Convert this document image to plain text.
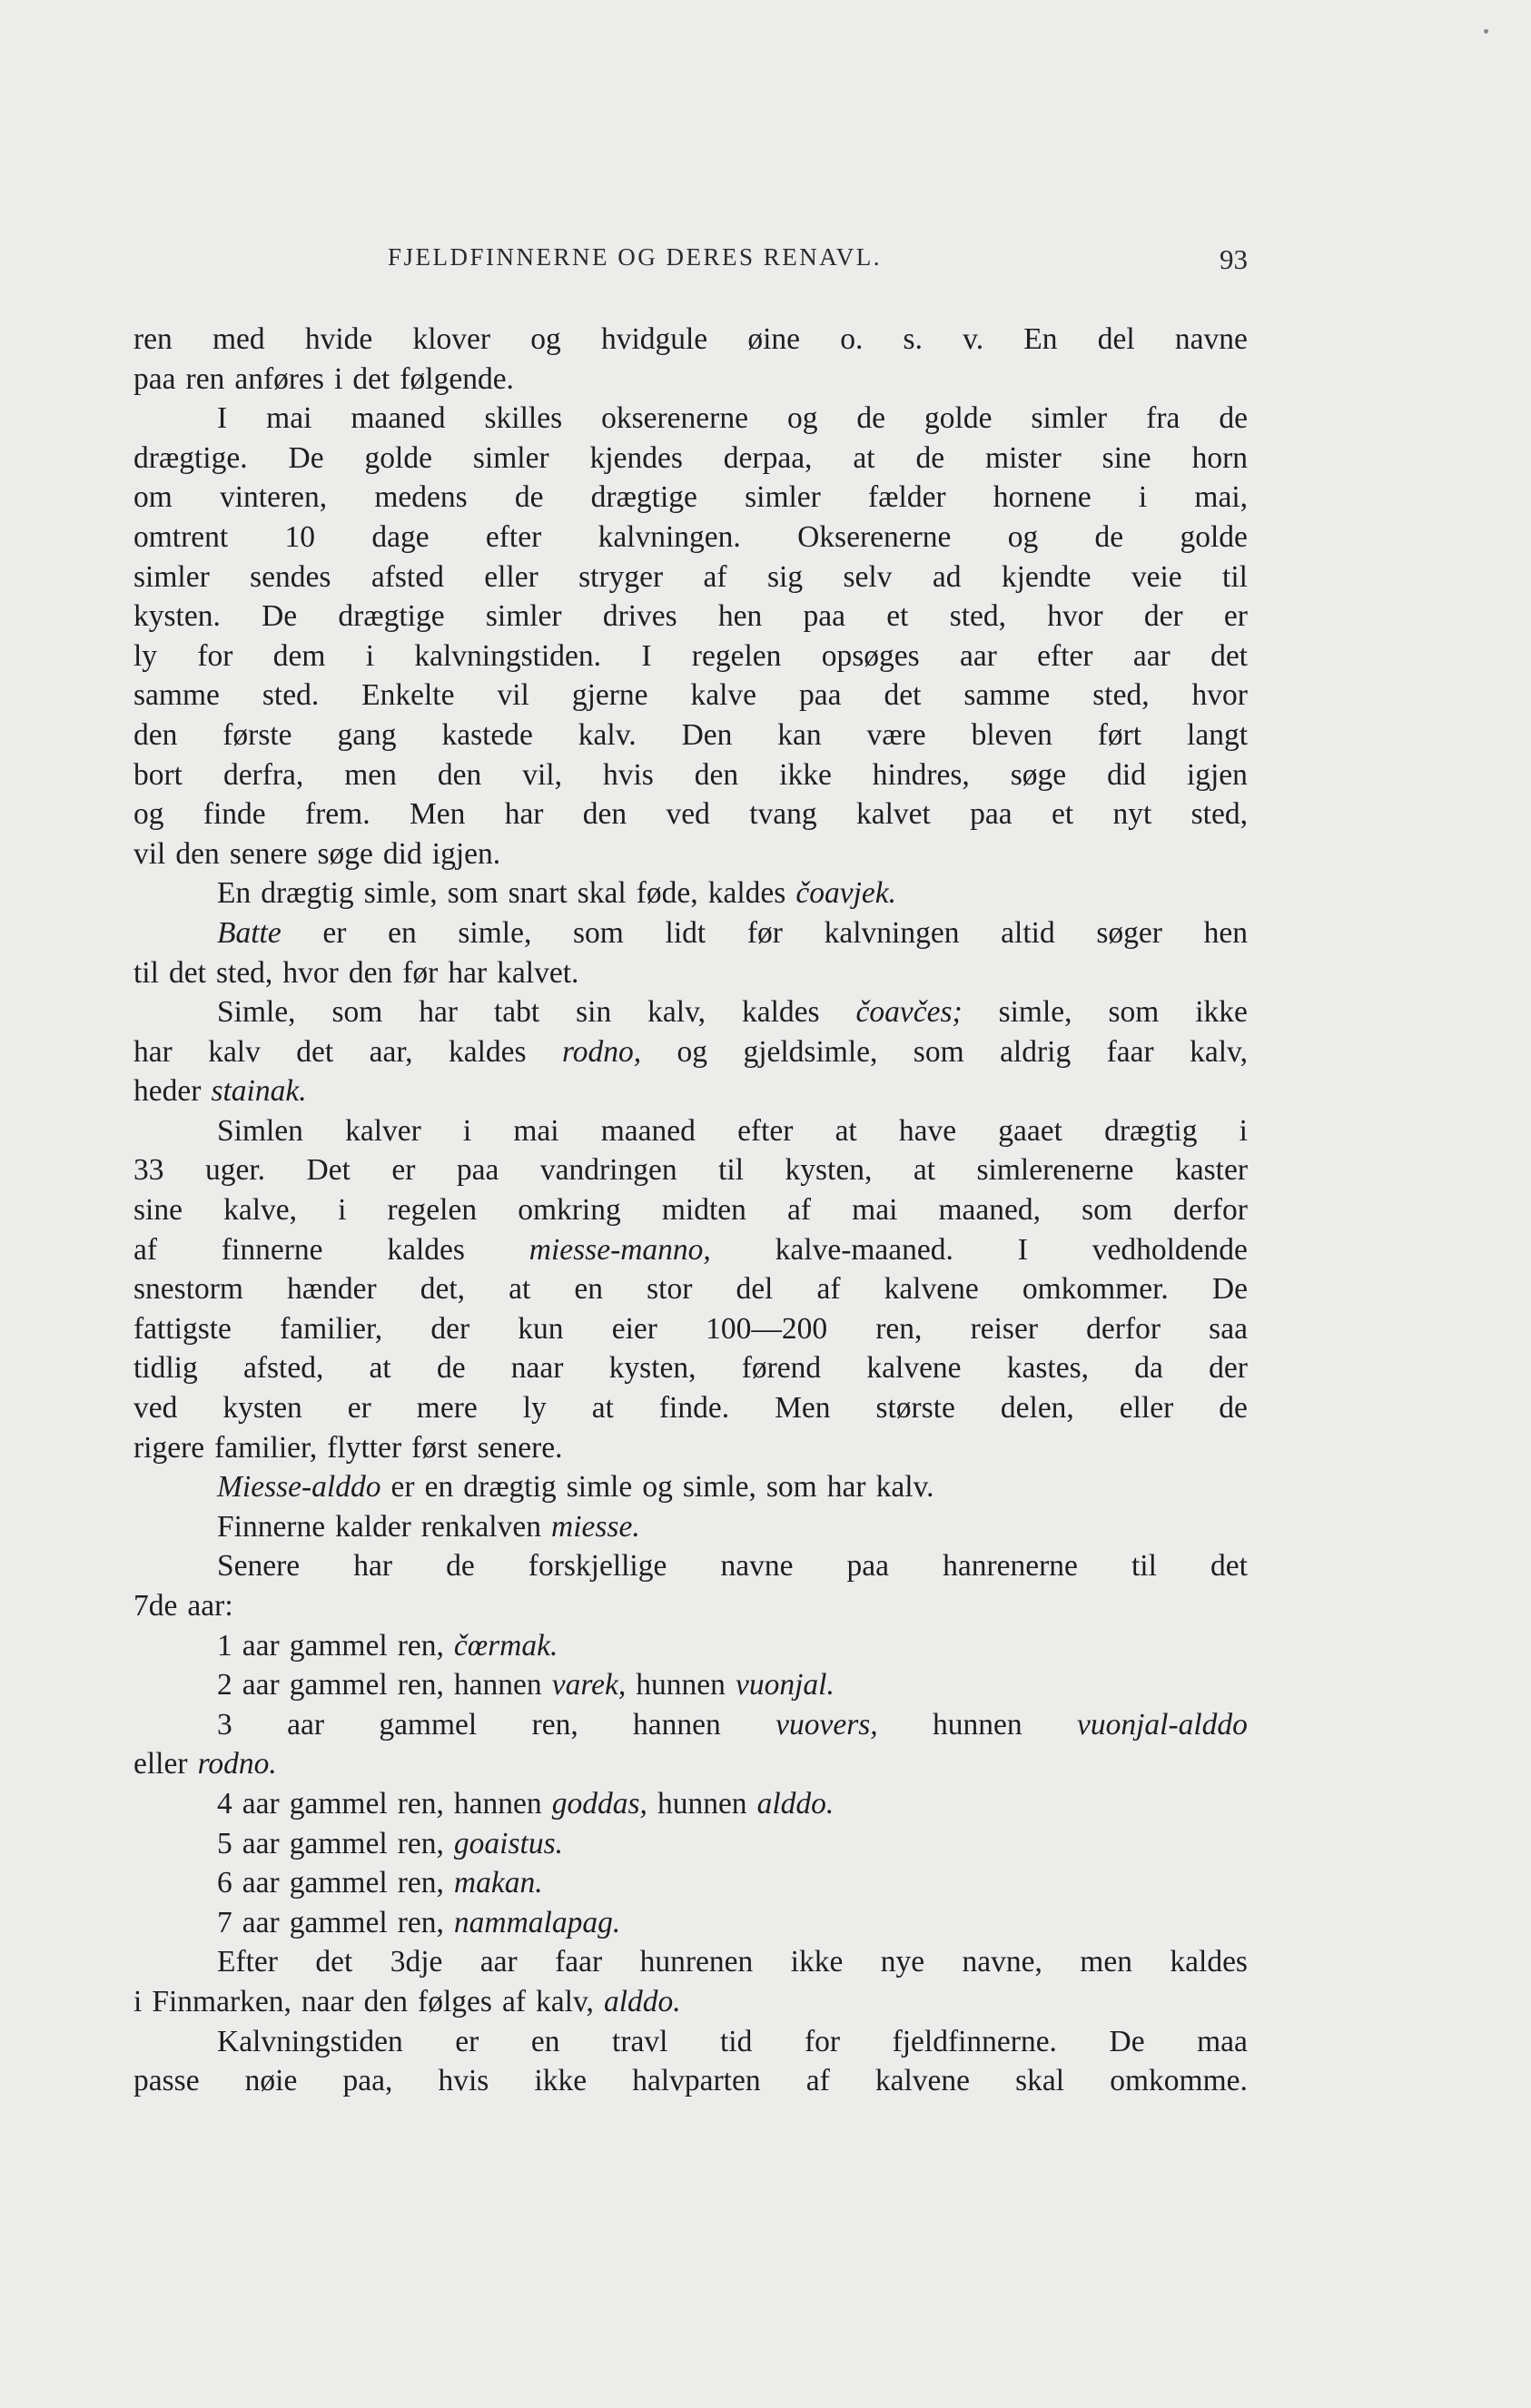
FJELDFINNERNE OG DERES RENAVL.	93
ren med hvide klover og hvidgule øine o. s. v. En del navne
paa ren anføres i det følgende.
I mai maaned skilles okserenerne og de golde simler fra de
drægtige. De golde simler kjendes derpaa, at de mister sine horn
om vinteren, medens de drægtige simler fælder hornene i mai,
omtrent 10 dage efter kalvningen. Okserenerne og de golde
simler sendes afsted eller stryger af sig selv ad kjendte veie til
kysten. De drægtige simler drives hen paa et sted, hvor der er
ly for dem i kalvningstiden. I regelen opsøges aar efter aar det
samme sted. Enkelte vil gjerne kalve paa det samme sted, hvor
den første gang kastede kalv. Den kan være bleven ført langt
bort derfra, men den vil, hvis den ikke hindres, søge did igjen
og finde frem. Men har den ved tvang kalvet paa et nyt sted,
vil den senere søge did igjen.
En drægtig simle, som snart skal føde, kaldes čoavjek.
Batte er en simle, som lidt før kalvningen altid søger hen
til det sted, hvor den før har kalvet.
Simle, som har tabt sin kalv, kaldes čoavčes; simle, som ikke
har kalv det aar, kaldes rodno, og gjeldsimle, som aldrig faar kalv,
heder stainak.
Simlen kalver i mai maaned efter at have gaaet drægtig i
33 uger. Det er paa vandringen til kysten, at simlerenerne kaster
sine kalve, i regelen omkring midten af mai maaned, som derfor
af finnerne kaldes miesse-manno, kalve-maaned. I vedholdende
snestorm hænder det, at en stor del af kalvene omkommer. De
fattigste familier, der kun eier 100—200 ren, reiser derfor saa
tidlig afsted, at de naar kysten, førend kalvene kastes, da der
ved kysten er mere ly at finde. Men største delen, eller de
rigere familier, flytter først senere.
Miesse-alddo er en drægtig simle og simle, som har kalv.
Finnerne kalder renkalven miesse.
Senere har de forskjellige navne paa hanrenerne til det
7de aar:
1 aar gammel ren, čœrmak.
2 aar gammel ren, hannen varek, hunnen vuonjal.
3 aar gammel ren, hannen vuovers, hunnen vuonjal-alddo
eller rodno.
4 aar gammel ren, hannen goddas, hunnen alddo.
5 aar gammel ren, goaistus.
6 aar gammel ren, makan.
7 aar gammel ren, nammalapag.
Efter det 3dje aar faar hunrenen ikke nye navne, men kaldes
i Finmarken, naar den følges af kalv, alddo.
Kalvningstiden er en travl tid for fjeldfinnerne. De maa
passe nøie paa, hvis ikke halvparten af kalvene skal omkomme.
